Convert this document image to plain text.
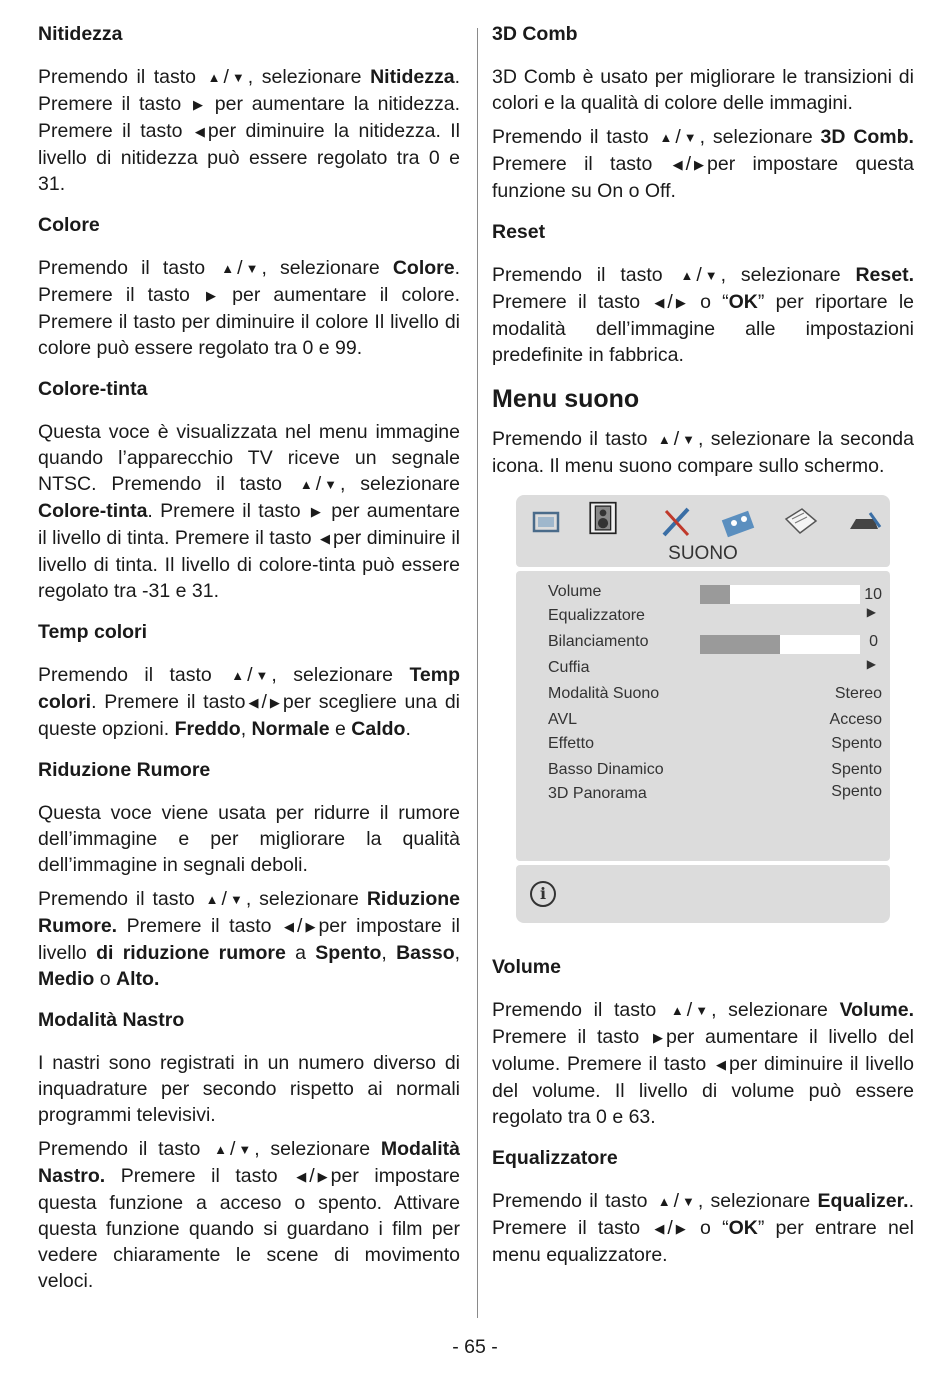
Nitidezza

Premendo il tasto ▲ / ▼ , selezionare Nitidezza. Premere il tasto ▶ per aumentare la nitidezza. Premere il tasto ◀ per diminuire la nitidezza. Il livello di nitidezza può essere regolato tra 0 e 31.

Colore

Premendo il tasto ▲ / ▼ , selezionare Colore. Premere il tasto ▶ per aumentare il colore. Premere il tasto per diminuire il colore Il livello di colore può essere regolato tra 0 e 99.

Colore-tinta

Questa voce è visualizzata nel menu immagine quando l’apparecchio TV riceve un segnale NTSC. Premendo il tasto ▲ / ▼ , selezionare Colore-tinta. Premere il tasto ▶ per aumentare il livello di tinta. Premere il tasto ◀ per diminuire il livello di tinta. Il livello di colore-tinta può essere regolato tra -31 e 31.

Temp colori

Premendo il tasto ▲ / ▼ , selezionare Temp colori. Premere il tasto ◀ / ▶ per scegliere una di queste opzioni. Freddo, Normale e Caldo.

Riduzione Rumore

Questa voce viene usata per ridurre il rumore dell’immagine e per migliorare la qualità dell’immagine in segnali deboli.

Premendo il tasto ▲ / ▼ , selezionare Riduzione Rumore. Premere il tasto ◀ / ▶ per impostare il livello di riduzione rumore a Spento, Basso, Medio o Alto.

Modalità Nastro

I nastri sono registrati in un numero diverso di inquadrature per secondo rispetto ai normali programmi televisivi.

Premendo il tasto ▲ / ▼ , selezionare Modalità Nastro. Premere il tasto ◀ / ▶ per impostare questa funzione a acceso o spento. Attivare questa funzione quando si guardano i film per vedere chiaramente le scene di movimento veloci.

3D Comb

3D Comb è usato per migliorare le transizioni di colori e la qualità di colore delle immagini.

Premendo il tasto ▲ / ▼ , selezionare 3D Comb. Premere il tasto ◀ / ▶ per impostare questa funzione su On o Off.

Reset

Premendo il tasto ▲ / ▼ , selezionare Reset. Premere il tasto ◀ / ▶ o “OK” per riportare le modalità dell’immagine alle impostazioni predefinite in fabbrica.

Menu suono

Premendo il tasto ▲ / ▼ , selezionare la seconda icona. Il menu suono compare sullo schermo.

SUONO
Volume	10
Equalizzatore	▶
Bilanciamento	0
Cuffia	▶
Modalità Suono	Stereo
AVL	Acceso
Effetto	Spento
Basso Dinamico	Spento
3D Panorama	Spento
i
Volume

Premendo il tasto ▲ / ▼ , selezionare Volume. Premere il tasto ▶ per aumentare il livello del volume. Premere il tasto ◀ per diminuire il livello del volume. Il livello di volume può essere regolato tra 0 e 63.

Equalizzatore

Premendo il tasto ▲ / ▼ , selezionare Equalizer.. Premere il tasto ◀ / ▶ o “OK” per entrare nel menu equalizzatore.

- 65 -
